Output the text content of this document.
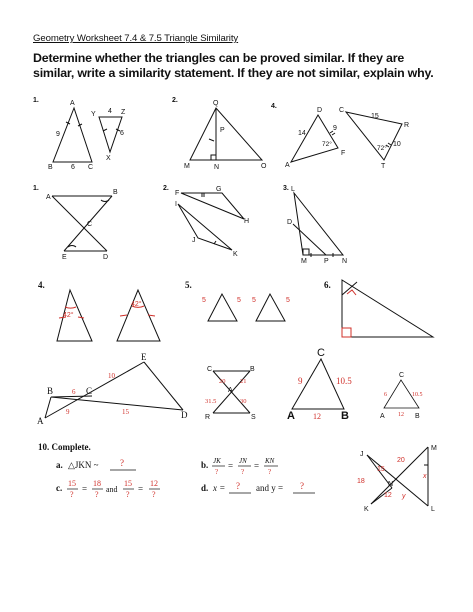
Geometry Worksheet 7.4 & 7.5 Triangle Similarity
Determine whether the triangles can be proved similar. If they are
similar, write a similarity statement. If they are not similar, explain why.
1.	A
B	C
Y	Z
X
9
6
4
6
2.	Q
P
M	N	O
4.
D C
A
F
R
T
14
9
72°
15
72°
10
1.
A
B
C
E	D
2.
F
G
I
H
J
K
3. L
D
M P N
4.	5.	6.
42°
42°
5	5 5	5
E
B	C
A
D
C	B
A
R	S
C
A	B
6
10
9	15
20 21
31.5	30
9	10.5
12
6	10.5
12
A	B
C
10. Complete.
a. △JKN ~ ?
c. 15
?
=
18
?
and
15
?
=
12
?
b. JK
?
= JN
?
= KN
?
d. x = ? and y = ?
J
K
N
M
L
15
20
18
12
x
y
